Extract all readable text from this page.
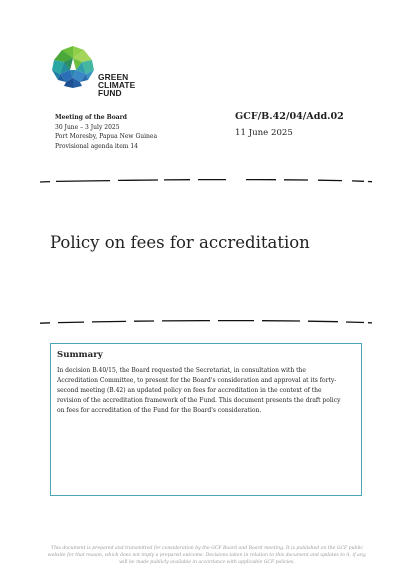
GREEN
CLIMATE
FUND
Meeting of the Board
30 June – 3 July 2025
Port Moresby, Papua New Guinea
Provisional agenda item 14
GCF/B.42/04/Add.02
11 June 2025
Policy on fees for accreditation
Summary
In decision B.40/15, the Board requested the Secretariat, in consultation with the
Accreditation Committee, to present for the Board's consideration and approval at its forty-
second meeting (B.42) an updated policy on fees for accreditation in the context of the
revision of the accreditation framework of the Fund. This document presents the draft policy
on fees for accreditation of the Fund for the Board's consideration.
This document is prepared and transmitted for consideration by the GCF Board and Board meeting. It is published on the GCF public
website for that reason, which does not imply a prepared outcome. Decisions taken in relation to this document and updates to it, if any,
will be made publicly available in accordance with applicable GCF policies.
